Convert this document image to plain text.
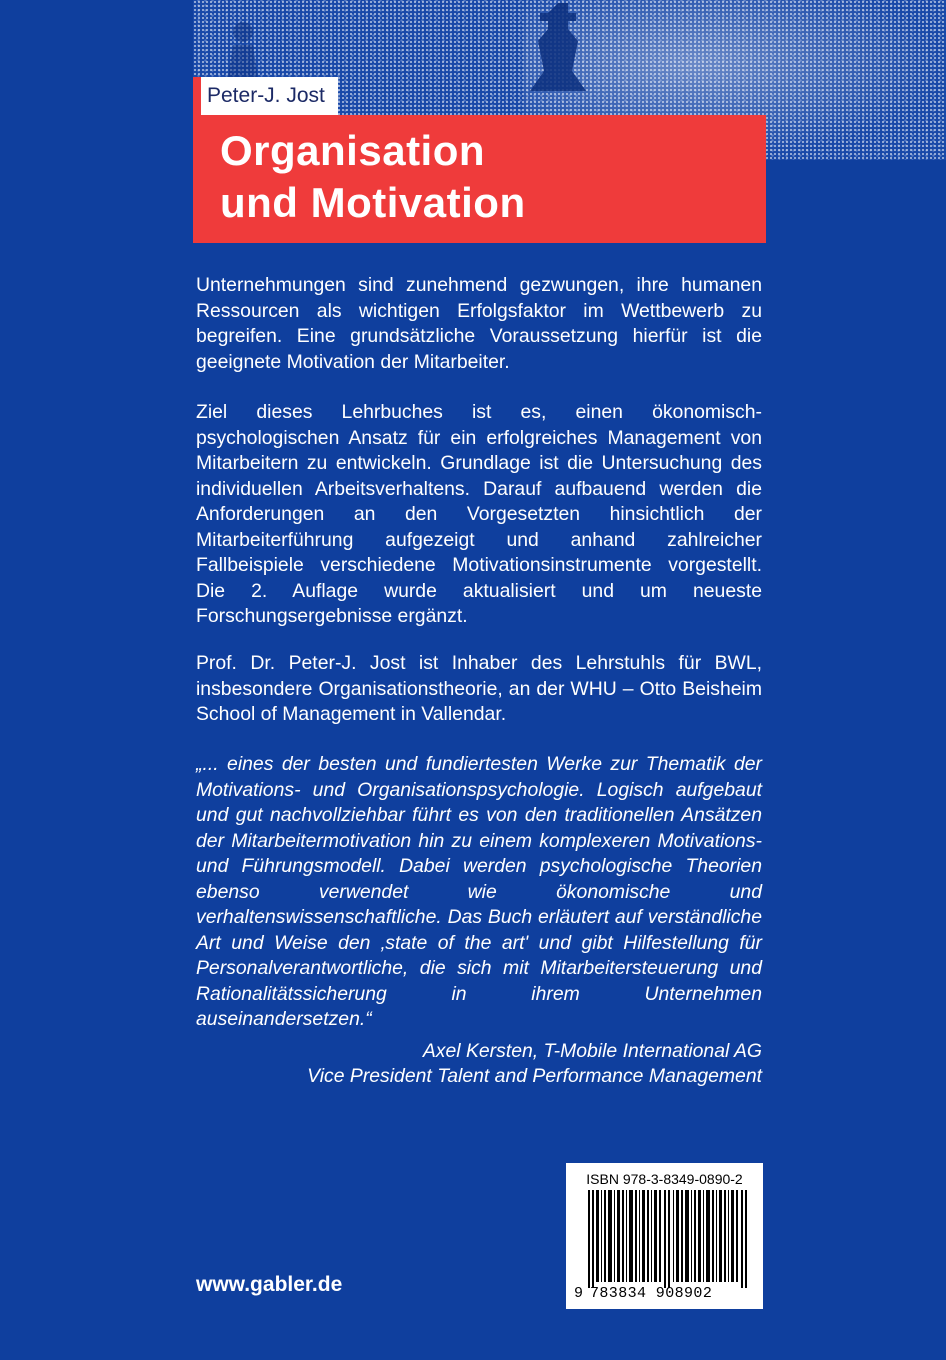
Peter-J. Jost
Organisation
und Motivation

Unternehmungen sind zunehmend gezwungen, ihre humanen Ressourcen als wichtigen Erfolgsfaktor im Wettbewerb zu begreifen. Eine grundsätzliche Voraussetzung hierfür ist die geeignete Motivation der Mitarbeiter.

Ziel dieses Lehrbuches ist es, einen ökonomisch-psychologischen Ansatz für ein erfolgreiches Management von Mitarbeitern zu entwickeln. Grundlage ist die Untersuchung des individuellen Arbeitsverhaltens. Darauf aufbauend werden die Anforderungen an den Vorgesetzten hinsichtlich der Mitarbeiterführung aufgezeigt und anhand zahlreicher Fallbeispiele verschiedene Motivationsinstrumente vorgestellt. Die 2. Auflage wurde aktualisiert und um neueste Forschungsergebnisse ergänzt.

Prof. Dr. Peter-J. Jost ist Inhaber des Lehrstuhls für BWL, insbesondere Organisationstheorie, an der WHU – Otto Beisheim School of Management in Vallendar.

„... eines der besten und fundiertesten Werke zur Thematik der Motivations- und Organisationspsychologie. Logisch aufgebaut und gut nachvollziehbar führt es von den traditionellen Ansätzen der Mitarbeitermotivation hin zu einem komplexeren Motivations- und Führungsmodell. Dabei werden psychologische Theorien ebenso verwendet wie ökonomische und verhaltenswissenschaftliche. Das Buch erläutert auf verständliche Art und Weise den ‚state of the art' und gibt Hilfestellung für Personalverantwortliche, die sich mit Mitarbeitersteuerung und Rationalitätssicherung in ihrem Unternehmen auseinandersetzen.“

Axel Kersten, T-Mobile International AG
Vice President Talent and Performance Management
www.gabler.de
ISBN 978-3-8349-0890-2
9 783834 908902
